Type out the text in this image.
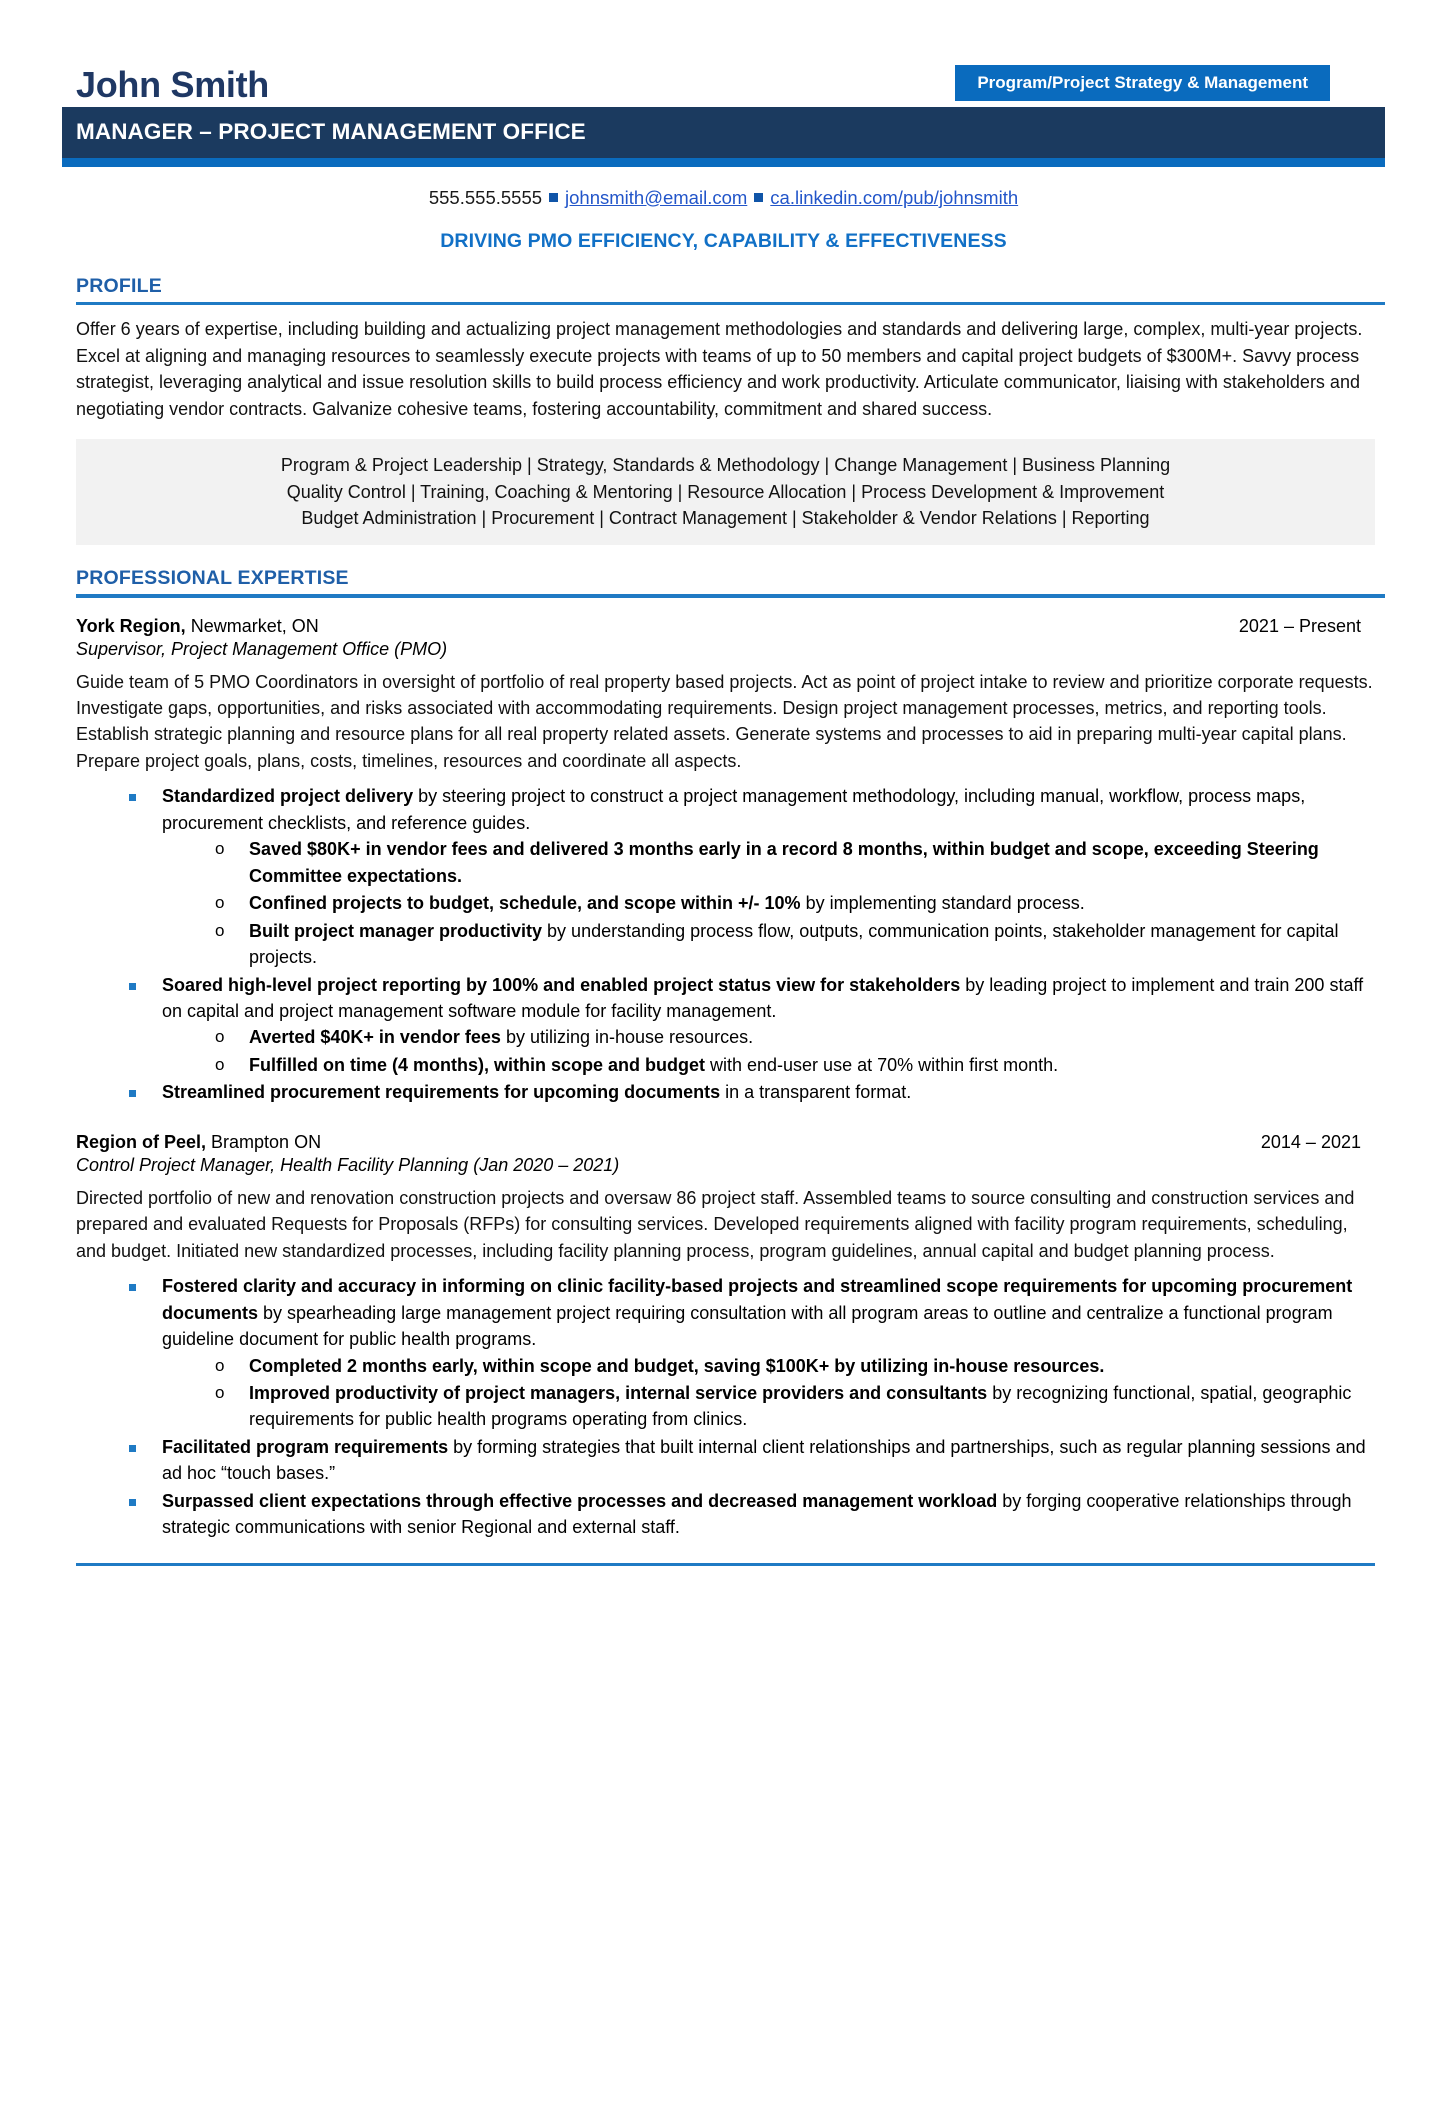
John Smith	Program/Project Strategy & Management
MANAGER – PROJECT MANAGEMENT OFFICE
555.555.5555 johnsmith@email.com ca.linkedin.com/pub/johnsmith
DRIVING PMO EFFICIENCY, CAPABILITY & EFFECTIVENESS
PROFILE
Offer 6 years of expertise, including building and actualizing project management methodologies and standards and delivering large, complex, multi-year projects. Excel at aligning and managing resources to seamlessly execute projects with teams of up to 50 members and capital project budgets of $300M+. Savvy process strategist, leveraging analytical and issue resolution skills to build process efficiency and work productivity. Articulate communicator, liaising with stakeholders and negotiating vendor contracts. Galvanize cohesive teams, fostering accountability, commitment and shared success.
Program & Project Leadership | Strategy, Standards & Methodology | Change Management | Business Planning
Quality Control | Training, Coaching & Mentoring | Resource Allocation | Process Development & Improvement
Budget Administration | Procurement | Contract Management | Stakeholder & Vendor Relations | Reporting
PROFESSIONAL EXPERTISE
York Region, Newmarket, ON	2021 – Present
Supervisor, Project Management Office (PMO)
Guide team of 5 PMO Coordinators in oversight of portfolio of real property based projects. Act as point of project intake to review and prioritize corporate requests. Investigate gaps, opportunities, and risks associated with accommodating requirements. Design project management processes, metrics, and reporting tools. Establish strategic planning and resource plans for all real property related assets. Generate systems and processes to aid in preparing multi-year capital plans. Prepare project goals, plans, costs, timelines, resources and coordinate all aspects.
Standardized project delivery by steering project to construct a project management methodology, including manual, workflow, process maps, procurement checklists, and reference guides.
o Saved $80K+ in vendor fees and delivered 3 months early in a record 8 months, within budget and scope, exceeding Steering Committee expectations.
o Confined projects to budget, schedule, and scope within +/- 10% by implementing standard process.
o Built project manager productivity by understanding process flow, outputs, communication points, stakeholder management for capital projects.
Soared high-level project reporting by 100% and enabled project status view for stakeholders by leading project to implement and train 200 staff on capital and project management software module for facility management.
o Averted $40K+ in vendor fees by utilizing in-house resources.
o Fulfilled on time (4 months), within scope and budget with end-user use at 70% within first month.
Streamlined procurement requirements for upcoming documents in a transparent format.
Region of Peel, Brampton ON	2014 – 2021
Control Project Manager, Health Facility Planning (Jan 2020 – 2021)
Directed portfolio of new and renovation construction projects and oversaw 86 project staff. Assembled teams to source consulting and construction services and prepared and evaluated Requests for Proposals (RFPs) for consulting services. Developed requirements aligned with facility program requirements, scheduling, and budget. Initiated new standardized processes, including facility planning process, program guidelines, annual capital and budget planning process.
Fostered clarity and accuracy in informing on clinic facility-based projects and streamlined scope requirements for upcoming procurement documents by spearheading large management project requiring consultation with all program areas to outline and centralize a functional program guideline document for public health programs.
o Completed 2 months early, within scope and budget, saving $100K+ by utilizing in-house resources.
o Improved productivity of project managers, internal service providers and consultants by recognizing functional, spatial, geographic requirements for public health programs operating from clinics.
Facilitated program requirements by forming strategies that built internal client relationships and partnerships, such as regular planning sessions and ad hoc “touch bases.”
Surpassed client expectations through effective processes and decreased management workload by forging cooperative relationships through strategic communications with senior Regional and external staff.
